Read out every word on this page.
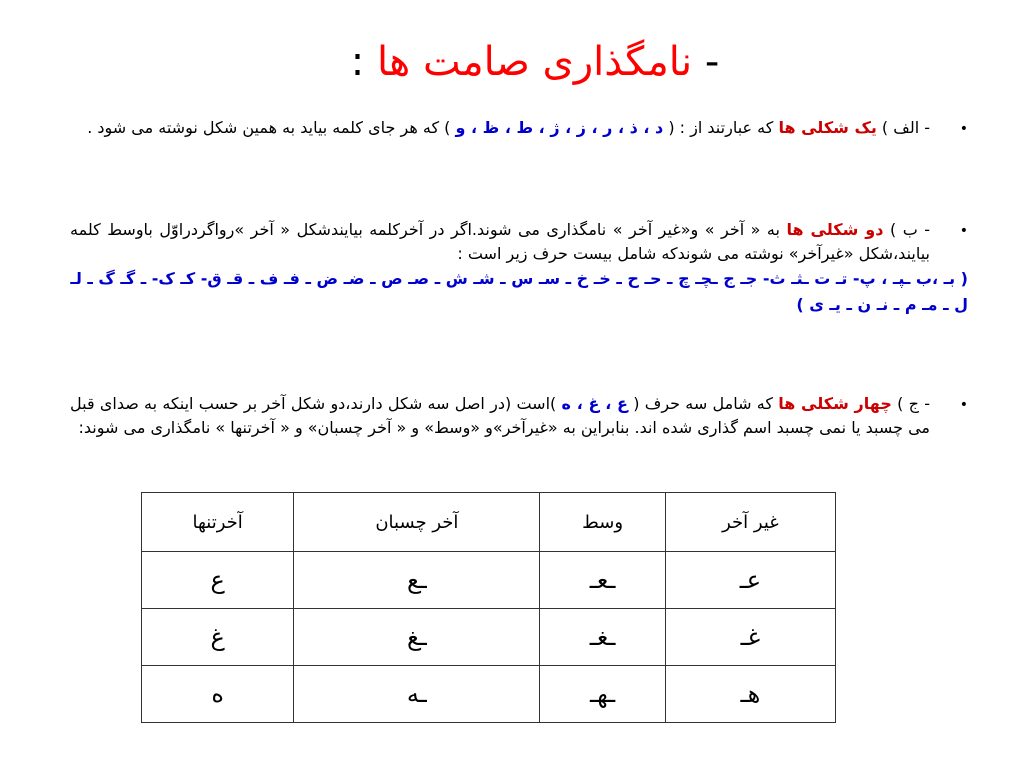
- نامگذاری صامت ها :
•
- الف ) یک شکلی ها که عبارتند از : ( د ، ذ ، ر ، ز ، ژ ، ط ، ظ ، و ) که هر جای کلمه بیاید به همین شکل نوشته می شود .
•
- ب ) دو شکلی ها به « آخر » و«غیر آخر » نامگذاری می شوند.اگر در آخرکلمه بیایندشکل « آخر »رواگردراوّل باوسط کلمه بیایند،شکل «غیرآخر» نوشته می شوندکه شامل بیست حرف زیر است :
( بـ ،ب ـپـ ، پ- تـ ت ـثـ ث- جـ ج ـچـ چ ـ حـ ح ـ خـ خ ـ سـ س ـ شـ ش ـ صـ ص ـ ضـ ض ـ فـ ف ـ قـ ق- کـ ک- ـ گـ گ ـ لـ ل ـ مـ م ـ نـ ن ـ یـ ی )
•
- ج ) چهار شکلی ها که شامل سه حرف ( ع ، غ ، ه )است (در اصل سه شکل دارند،دو شکل آخر بر حسب اینکه به صدای قبل می چسبد یا نمی چسبد اسم گذاری شده اند. بنابراین به «غیرآخر»و «وسط» و « آخر چسبان» و « آخرتنها » نامگذاری می شوند:
غیر آخر	وسط	آخر چسبان	آخرتنها
عـ	ـعـ	ـع	ع
غـ	ـغـ	ـغ	غ
هـ	ـهـ	ـه	ه
